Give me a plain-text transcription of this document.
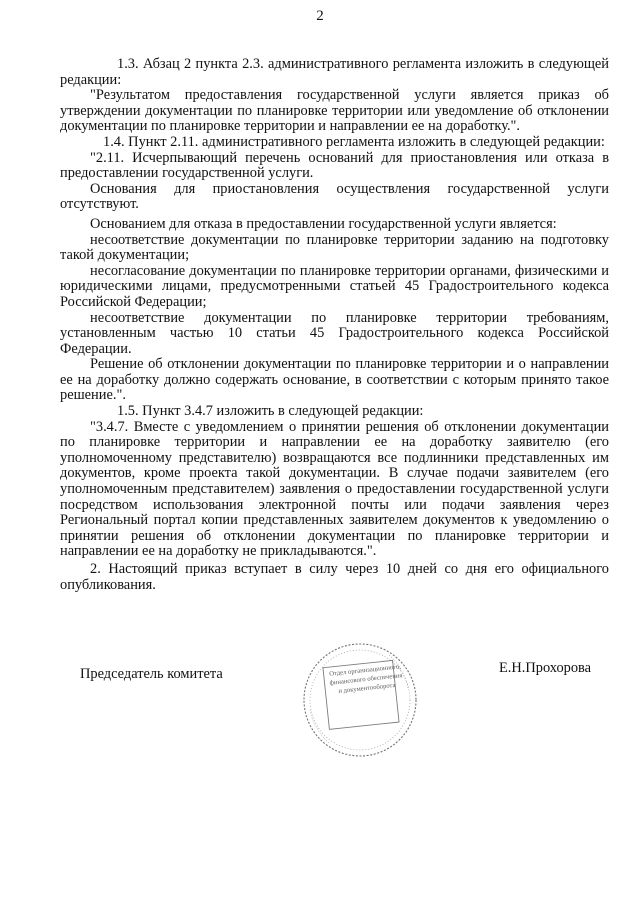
2

1.3. Абзац 2 пункта 2.3. административного регламента изложить в следующей редакции:

"Результатом предоставления государственной услуги является приказ об утверждении документации по планировке территории или уведомление об отклонении документации по планировке территории и направлении ее на доработку.".

1.4. Пункт 2.11. административного регламента изложить в следующей редакции:

"2.11. Исчерпывающий перечень оснований для приостановления или отказа в предоставлении государственной услуги.

Основания для приостановления осуществления государственной услуги отсутствуют.

Основанием для отказа в предоставлении государственной услуги является:

несоответствие документации по планировке территории заданию на подготовку такой документации;

несогласование документации по планировке территории органами, физическими и юридическими лицами, предусмотренными статьей 45 Градостроительного кодекса Российской Федерации;

несоответствие документации по планировке территории требованиям, установленным частью 10 статьи 45 Градостроительного кодекса Российской Федерации.

Решение об отклонении документации по планировке территории и о направлении ее на доработку должно содержать основание, в соответствии с которым принято такое решение.".

1.5. Пункт 3.4.7 изложить в следующей редакции:

"3.4.7. Вместе с уведомлением о принятии решения об отклонении документации по планировке территории и направлении ее на доработку заявителю (его уполномоченному представителю) возвращаются все подлинники представленных им документов, кроме проекта такой документации. В случае подачи заявителем (его уполномоченным представителем) заявления о предоставлении государственной услуги посредством использования электронной почты или подачи заявления через Региональный портал копии представленных заявителем документов к уведомлению о принятии решения об отклонении документации по планировке территории и направлении ее на доработку не прикладываются.".

2. Настоящий приказ вступает в силу через 10 дней со дня его официального опубликования.

Председатель комитета	Е.Н.Прохорова
Отдел организационного, финансового обеспечения и документооборота
